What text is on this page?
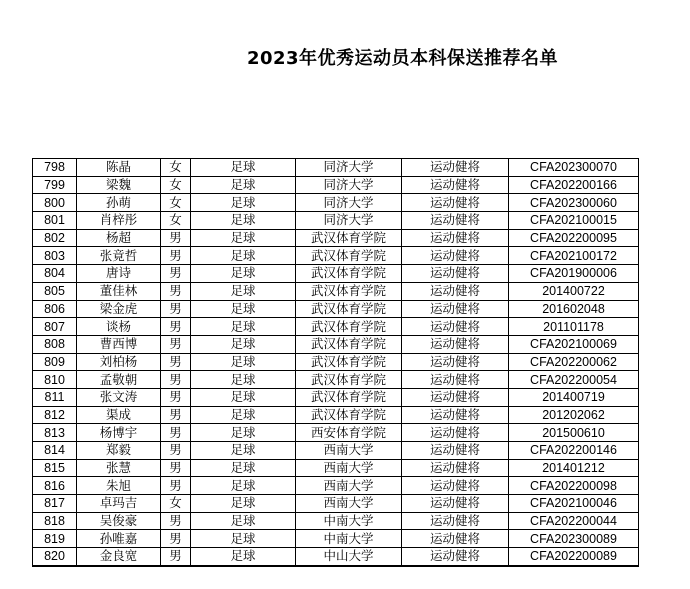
2023年优秀运动员本科保送推荐名单
798	陈晶	女	足球	同济大学	运动健将	CFA202300070
799	梁魏	女	足球	同济大学	运动健将	CFA202200166
800	孙萌	女	足球	同济大学	运动健将	CFA202300060
801	肖梓彤	女	足球	同济大学	运动健将	CFA202100015
802	杨超	男	足球	武汉体育学院	运动健将	CFA202200095
803	张竟哲	男	足球	武汉体育学院	运动健将	CFA202100172
804	唐诗	男	足球	武汉体育学院	运动健将	CFA201900006
805	董佳林	男	足球	武汉体育学院	运动健将	201400722
806	梁金虎	男	足球	武汉体育学院	运动健将	201602048
807	谈杨	男	足球	武汉体育学院	运动健将	201101178
808	曹西博	男	足球	武汉体育学院	运动健将	CFA202100069
809	刘柏杨	男	足球	武汉体育学院	运动健将	CFA202200062
810	孟敬朝	男	足球	武汉体育学院	运动健将	CFA202200054
811	张文涛	男	足球	武汉体育学院	运动健将	201400719
812	渠成	男	足球	武汉体育学院	运动健将	201202062
813	杨博宇	男	足球	西安体育学院	运动健将	201500610
814	郑毅	男	足球	西南大学	运动健将	CFA202200146
815	张慧	男	足球	西南大学	运动健将	201401212
816	朱旭	男	足球	西南大学	运动健将	CFA202200098
817	卓玛吉	女	足球	西南大学	运动健将	CFA202100046
818	吴俊豪	男	足球	中南大学	运动健将	CFA202200044
819	孙唯嘉	男	足球	中南大学	运动健将	CFA202300089
820	金良宽	男	足球	中山大学	运动健将	CFA202200089
